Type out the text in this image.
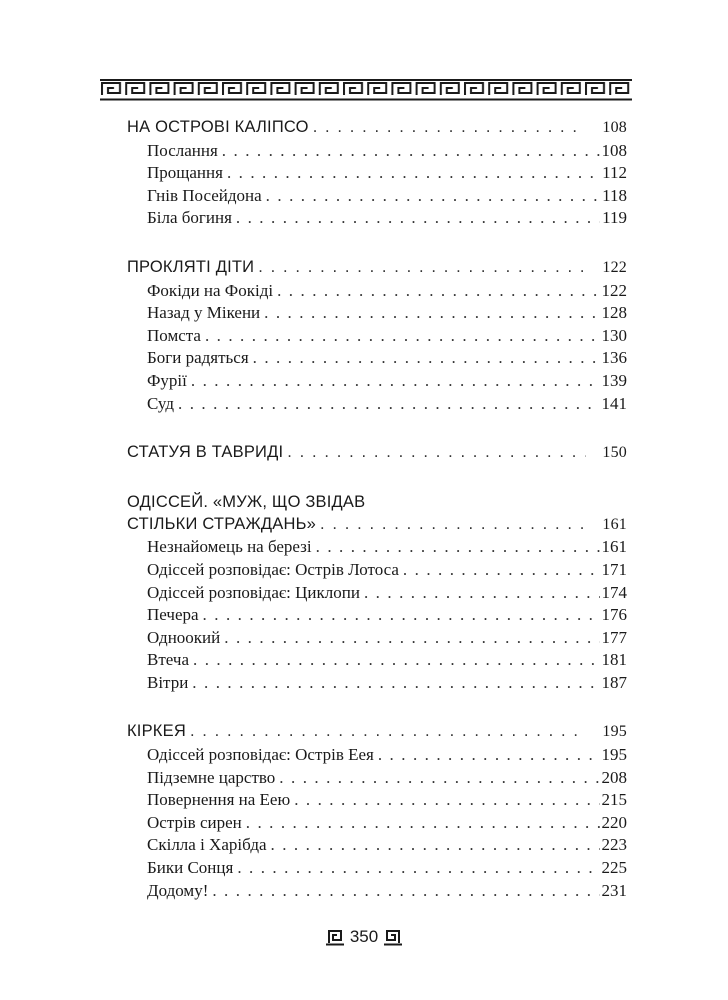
НА ОСТРОВІ КАЛІПСО . . .	108
Послання . . .	108
Прощання . . .	112
Гнів Посейдона . . .	118
Біла богиня . . .	119
ПРОКЛЯТІ ДІТИ . . .	122
Фокіди на Фокіді . . .	122
Назад у Мікени . . .	128
Помста . . .	130
Боги радяться . . .	136
Фурії . . .	139
Суд . . .	141
СТАТУЯ В ТАВРИДІ . . .	150
ОДІССЕЙ. «МУЖ, ЩО ЗВІДАВ
СТІЛЬКИ СТРАЖДАНЬ» . . .	161
Незнайомець на березі . . .	161
Одіссей розповідає: Острів Лотоса . . .	171
Одіссей розповідає: Циклопи . . .	174
Печера . . .	176
Одноокий . . .	177
Втеча . . .	181
Вітри . . .	187
КІРКЕЯ . . .	195
Одіссей розповідає: Острів Еея . . .	195
Підземне царство . . .	208
Повернення на Еею . . .	215
Острів сирен . . .	220
Скілла і Харібда . . .	223
Бики Сонця . . .	225
Додому! . . .	231
350
